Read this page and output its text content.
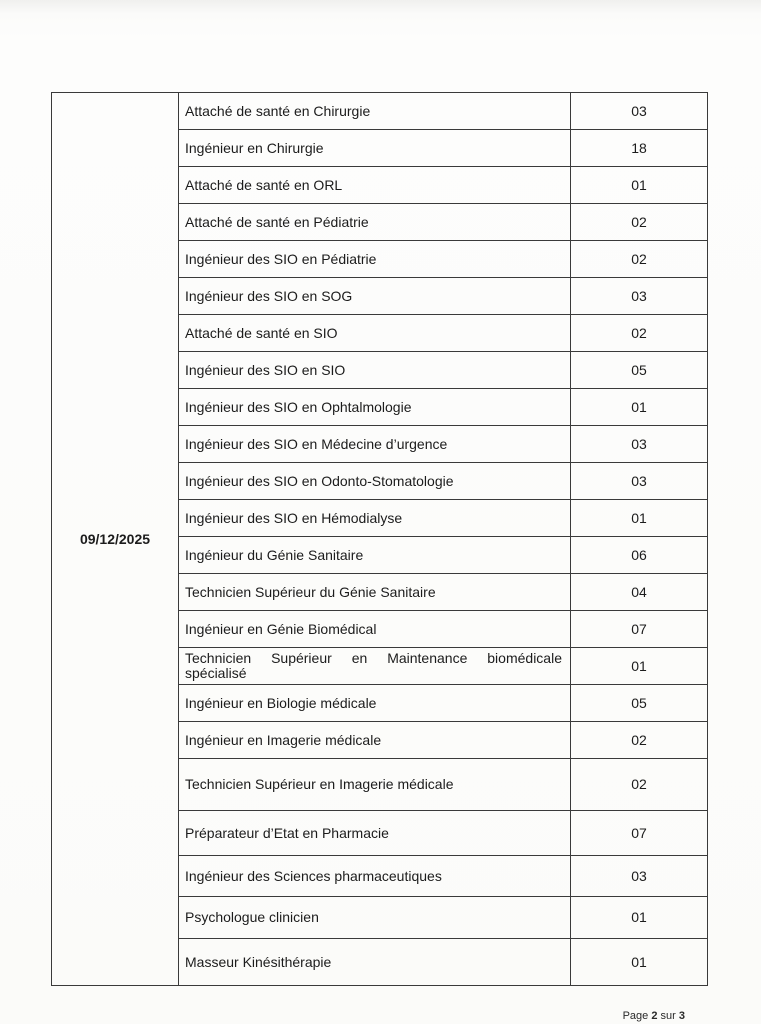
09/12/2025	Attaché de santé en Chirurgie	03
	Ingénieur en Chirurgie	18
	Attaché de santé en ORL	01
	Attaché de santé en Pédiatrie	02
	Ingénieur des SIO en Pédiatrie	02
	Ingénieur des SIO en SOG	03
	Attaché de santé en SIO	02
	Ingénieur des SIO en SIO	05
	Ingénieur des SIO en Ophtalmologie	01
	Ingénieur des SIO en Médecine d’urgence	03
	Ingénieur des SIO en Odonto-Stomatologie	03
	Ingénieur des SIO en Hémodialyse	01
	Ingénieur du Génie Sanitaire	06
	Technicien Supérieur du Génie Sanitaire	04
	Ingénieur en Génie Biomédical	07
	Technicien Supérieur en Maintenance biomédicale spécialisé	01
	Ingénieur en Biologie médicale	05
	Ingénieur en Imagerie médicale	02
	Technicien Supérieur en Imagerie médicale	02
	Préparateur d’Etat en Pharmacie	07
	Ingénieur des Sciences pharmaceutiques	03
	Psychologue clinicien	01
	Masseur Kinésithérapie	01
Page 2 sur 3
